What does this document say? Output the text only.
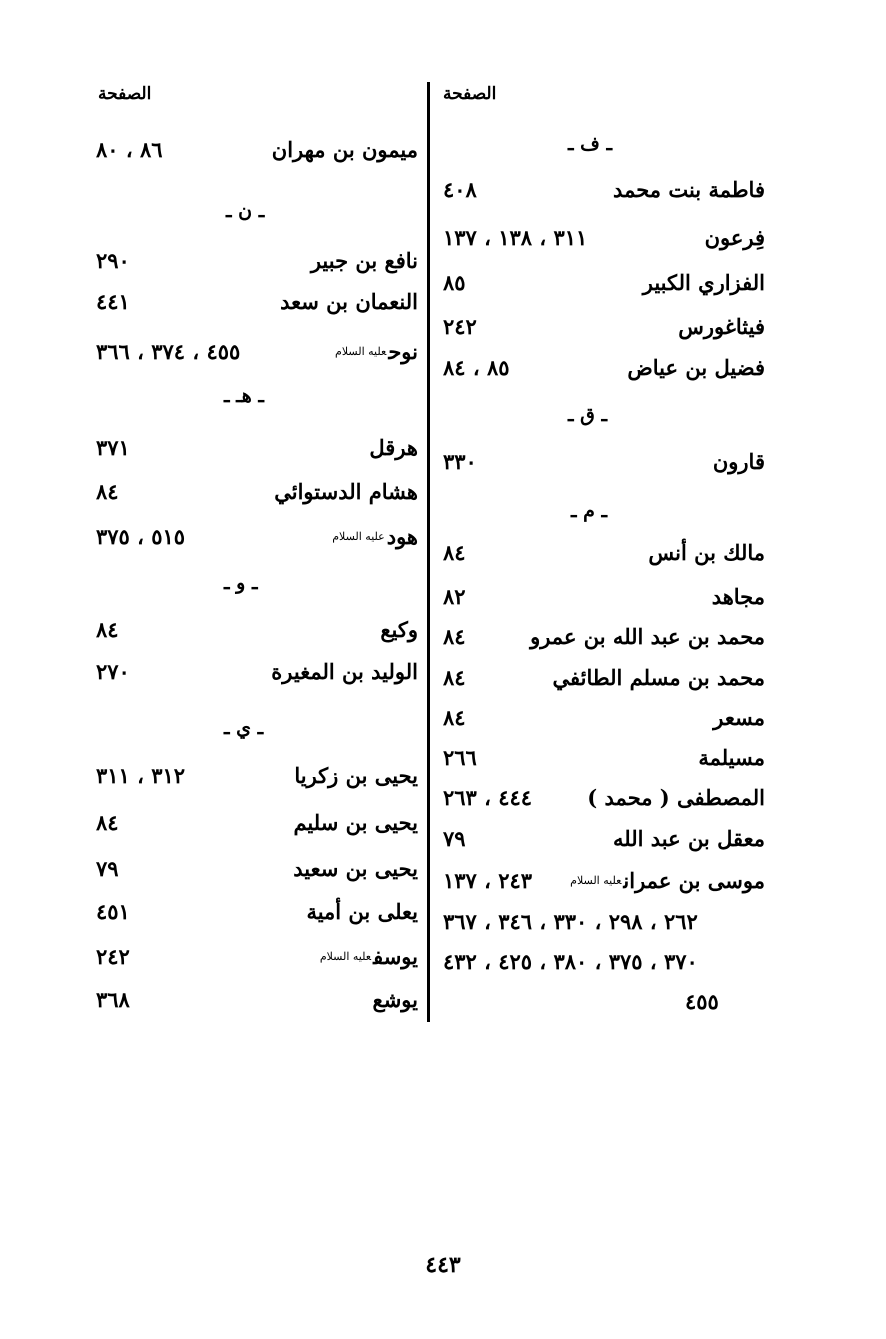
الصفحة	الصفحة
ـ ف ـ
فاطمة بنت محمد
٤٠٨
فِرعون
٣١١ ، ١٣٨ ، ١٣٧
الفزاري الكبير
٨٥
فيثاغورس
٢٤٢
فضيل بن عياض
٨٥ ، ٨٤
ـ ق ـ
قارون
٣٣٠
ـ م ـ
مالك بن أنس
٨٤
مجاهد
٨٢
محمد بن عبد الله بن عمرو
٨٤
محمد بن مسلم الطائفي
٨٤
مسعر
٨٤
مسيلمة
٢٦٦
المصطفى ( محمد )
٤٤٤ ، ٢٦٣
معقل بن عبد الله
٧٩
موسى بن عمرانعليه السلام
٢٤٣ ، ١٣٧
٢٦٢ ، ٢٩٨ ، ٣٣٠ ، ٣٤٦ ، ٣٦٧
٣٧٠ ، ٣٧٥ ، ٣٨٠ ، ٤٢٥ ، ٤٣٢
٤٥٥
ميمون بن مهران
٨٦ ، ٨٠
ـ ن ـ
نافع بن جبير
٢٩٠
النعمان بن سعد
٤٤١
نوحعليه السلام
٤٥٥ ، ٣٧٤ ، ٣٦٦
ـ هـ ـ
هرقل
٣٧١
هشام الدستوائي
٨٤
هودعليه السلام
٥١٥ ، ٣٧٥
ـ و ـ
وكيع
٨٤
الوليد بن المغيرة
٢٧٠
ـ ي ـ
يحيى بن زكريا
٣١٢ ، ٣١١
يحيى بن سليم
٨٤
يحيى بن سعيد
٧٩
يعلى بن أمية
٤٥١
يوسفعليه السلام
٢٤٢
يوشع
٣٦٨
٤٤٣
